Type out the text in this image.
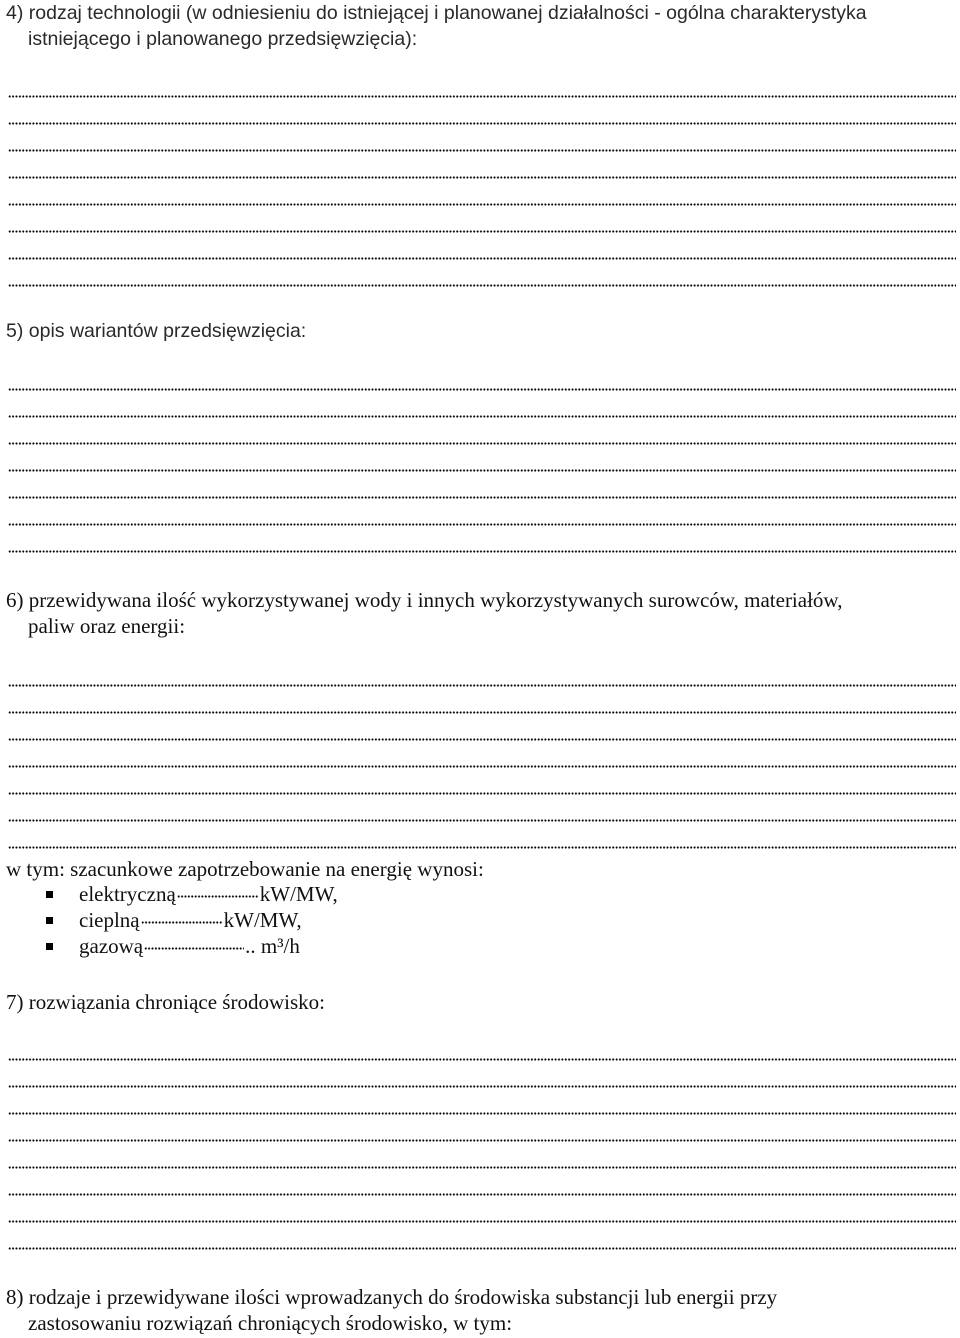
4) rodzaj technologii (w odniesieniu do istniejącej i planowanej działalności - ogólna charakterystyka

istniejącego i planowanego przedsięwzięcia):
5) opis wariantów przedsięwzięcia:
6) przewidywana ilość wykorzystywanej wody i innych wykorzystywanych surowców, materiałów,

paliw oraz energii:
w tym: szacunkowe zapotrzebowanie na energię wynosi:
elektryczną	kW/MW,
cieplną	kW/MW,
gazową	.. m³/h
7) rozwiązania chroniące środowisko:
8) rodzaje i przewidywane ilości wprowadzanych do środowiska substancji lub energii przy

zastosowaniu rozwiązań chroniących środowisko, w tym:
